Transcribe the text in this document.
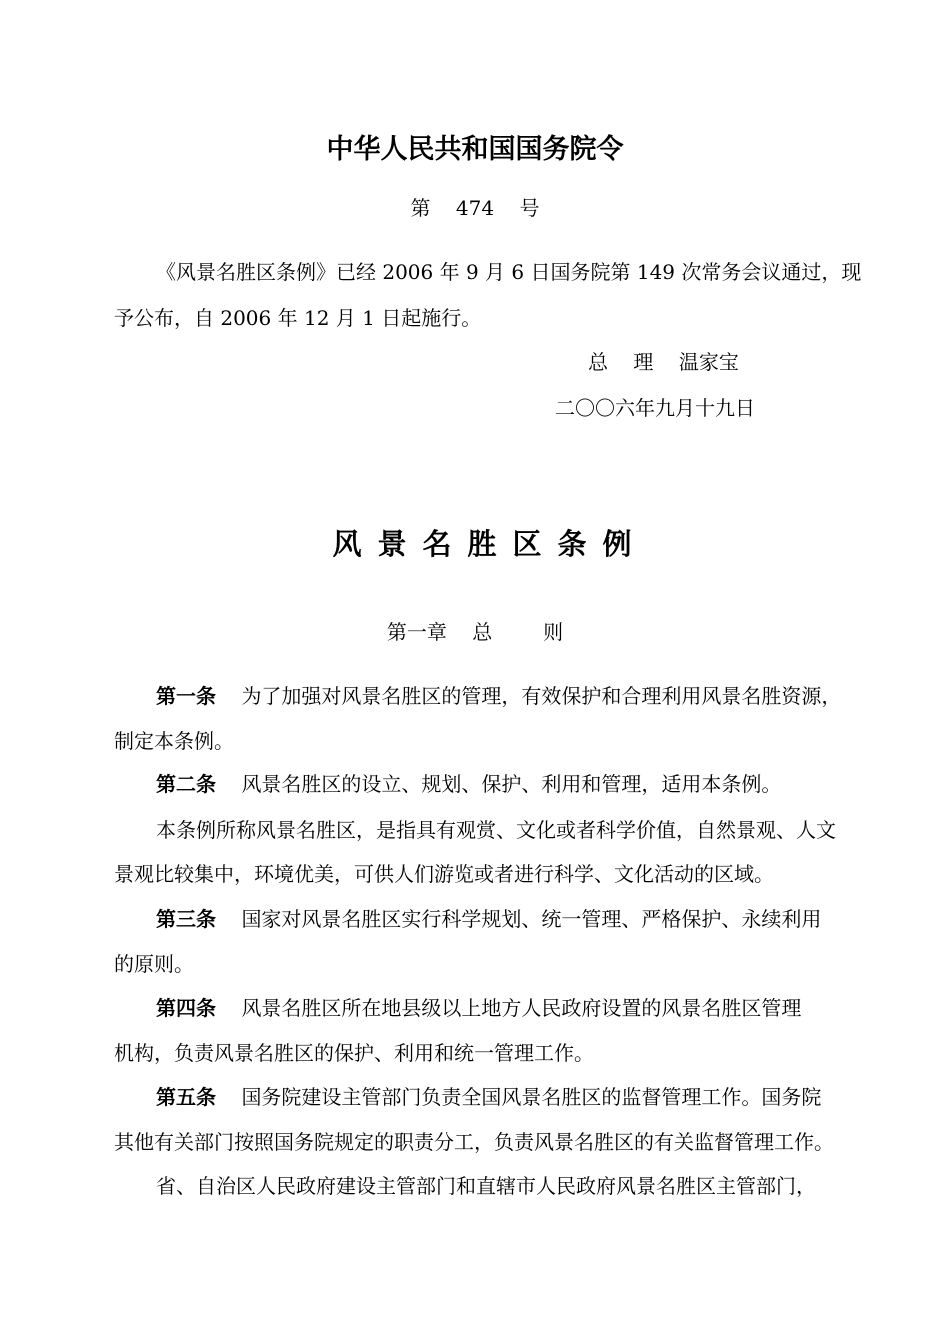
中华人民共和国国务院令
第 474 号
《风景名胜区条例》已经 2006 年 9 月 6 日国务院第 149 次常务会议通过，现
予公布，自 2006 年 12 月 1 日起施行。
总    理 温家宝
二〇〇六年九月十九日
风景名胜区条例
第一章    总        则
第一条 为了加强对风景名胜区的管理，有效保护和合理利用风景名胜资源，
制定本条例。
第二条 风景名胜区的设立、规划、保护、利用和管理，适用本条例。
本条例所称风景名胜区，是指具有观赏、文化或者科学价值，自然景观、人文
景观比较集中，环境优美，可供人们游览或者进行科学、文化活动的区域。
第三条 国家对风景名胜区实行科学规划、统一管理、严格保护、永续利用
的原则。
第四条 风景名胜区所在地县级以上地方人民政府设置的风景名胜区管理
机构，负责风景名胜区的保护、利用和统一管理工作。
第五条 国务院建设主管部门负责全国风景名胜区的监督管理工作。国务院
其他有关部门按照国务院规定的职责分工，负责风景名胜区的有关监督管理工作。
省、自治区人民政府建设主管部门和直辖市人民政府风景名胜区主管部门，
